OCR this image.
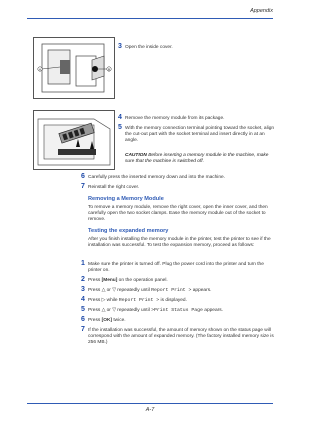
Appendix
A	B
3 Open the inside cover.
4 Remove the memory module from its package.
5 With the memory connection terminal pointing toward the socket, align the cut-out part with the socket terminal and insert directly in at an angle.
CAUTION Before inserting a memory module in the machine, make sure that the machine is switched off.
6 Carefully press the inserted memory down and into the machine.
7 Reinstall the right cover.
Removing a Memory Module
To remove a memory module, remove the right cover, open the inner cover, and then carefully open the two socket clamps. Ease the memory module out of the socket to remove.
Testing the expanded memory
After you finish installing the memory module in the printer, test the printer to see if the installation was successful. To test the expansion memory, proceed as follows:
1 Make sure the printer is turned off. Plug the power cord into the printer and turn the printer on.
2 Press [Menu] on the operation panel.
3 Press △ or ▽ repeatedly until Report Print > appears.
4 Press ▷ while Report Print > is displayed.
5 Press △ or ▽ repeatedly until >Print Status Page appears.
6 Press [OK] twice.
7 If the installation was successful, the amount of memory shown on the status page will correspond with the amount of expanded memory. (The factory installed memory size is 256 MB.)
A-7
